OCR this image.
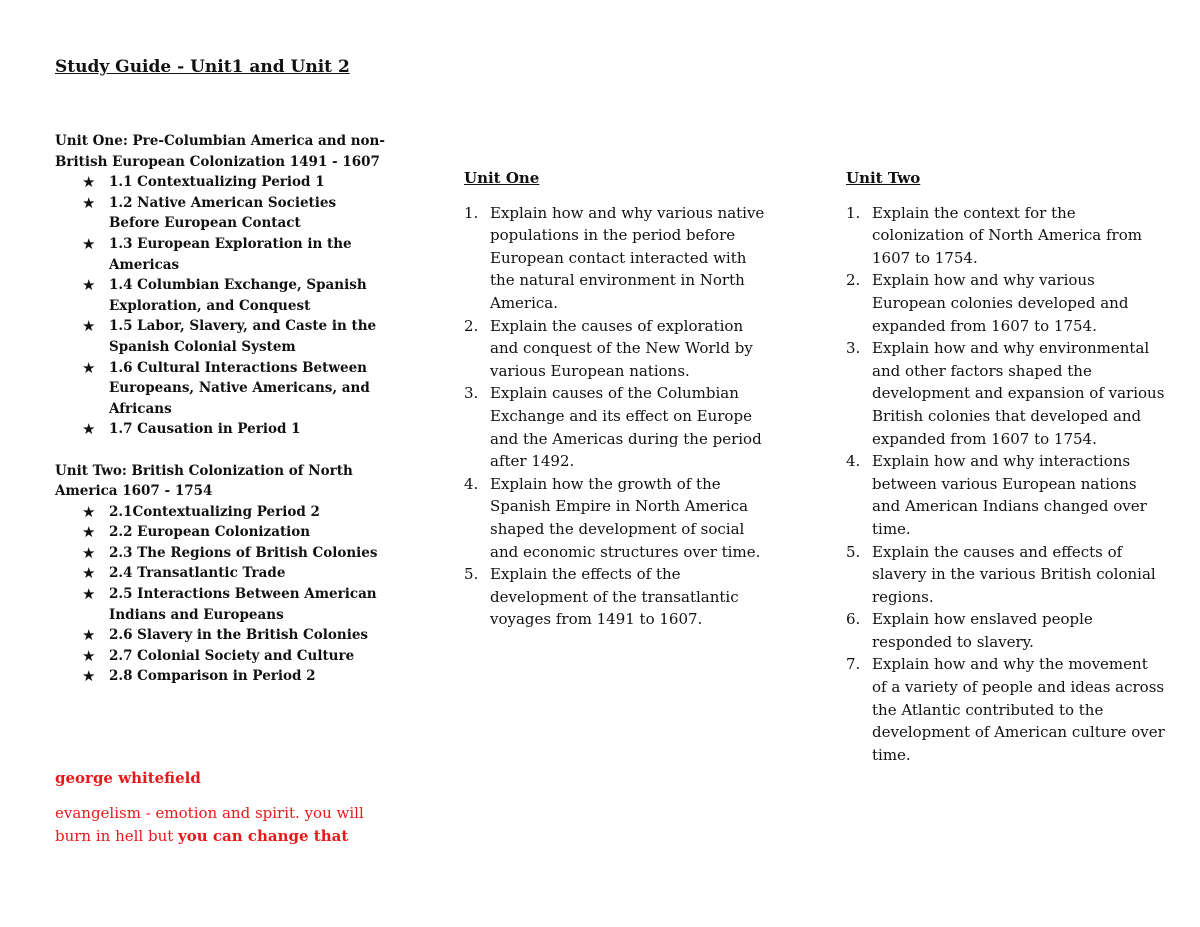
Study Guide - Unit1 and Unit 2

Unit One: Pre-Columbian America and non-British European Colonization 1491 - 1607

★ 1.1 Contextualizing Period 1
★ 1.2 Native American Societies Before European Contact
★ 1.3 European Exploration in the Americas
★ 1.4 Columbian Exchange, Spanish Exploration, and Conquest
★ 1.5 Labor, Slavery, and Caste in the Spanish Colonial System
★ 1.6 Cultural Interactions Between Europeans, Native Americans, and Africans
★ 1.7 Causation in Period 1

Unit Two: British Colonization of North America 1607 - 1754

★ 2.1Contextualizing Period 2
★ 2.2 European Colonization
★ 2.3 The Regions of British Colonies
★ 2.4 Transatlantic Trade
★ 2.5 Interactions Between American Indians and Europeans
★ 2.6 Slavery in the British Colonies
★ 2.7 Colonial Society and Culture
★ 2.8 Comparison in Period 2
george whitefield
evangelism - emotion and spirit. you will burn in hell but you can change that
Unit One
1. Explain how and why various native populations in the period before European contact interacted with the natural environment in North America.
2. Explain the causes of exploration and conquest of the New World by various European nations.
3. Explain causes of the Columbian Exchange and its effect on Europe and the Americas during the period after 1492.
4. Explain how the growth of the Spanish Empire in North America shaped the development of social and economic structures over time.
5. Explain the effects of the development of the transatlantic voyages from 1491 to 1607.
Unit Two
1. Explain the context for the colonization of North America from 1607 to 1754.
2. Explain how and why various European colonies developed and expanded from 1607 to 1754.
3. Explain how and why environmental and other factors shaped the development and expansion of various British colonies that developed and expanded from 1607 to 1754.
4. Explain how and why interactions between various European nations and American Indians changed over time.
5. Explain the causes and effects of slavery in the various British colonial regions.
6. Explain how enslaved people responded to slavery.
7. Explain how and why the movement of a variety of people and ideas across the Atlantic contributed to the development of American culture over time.
